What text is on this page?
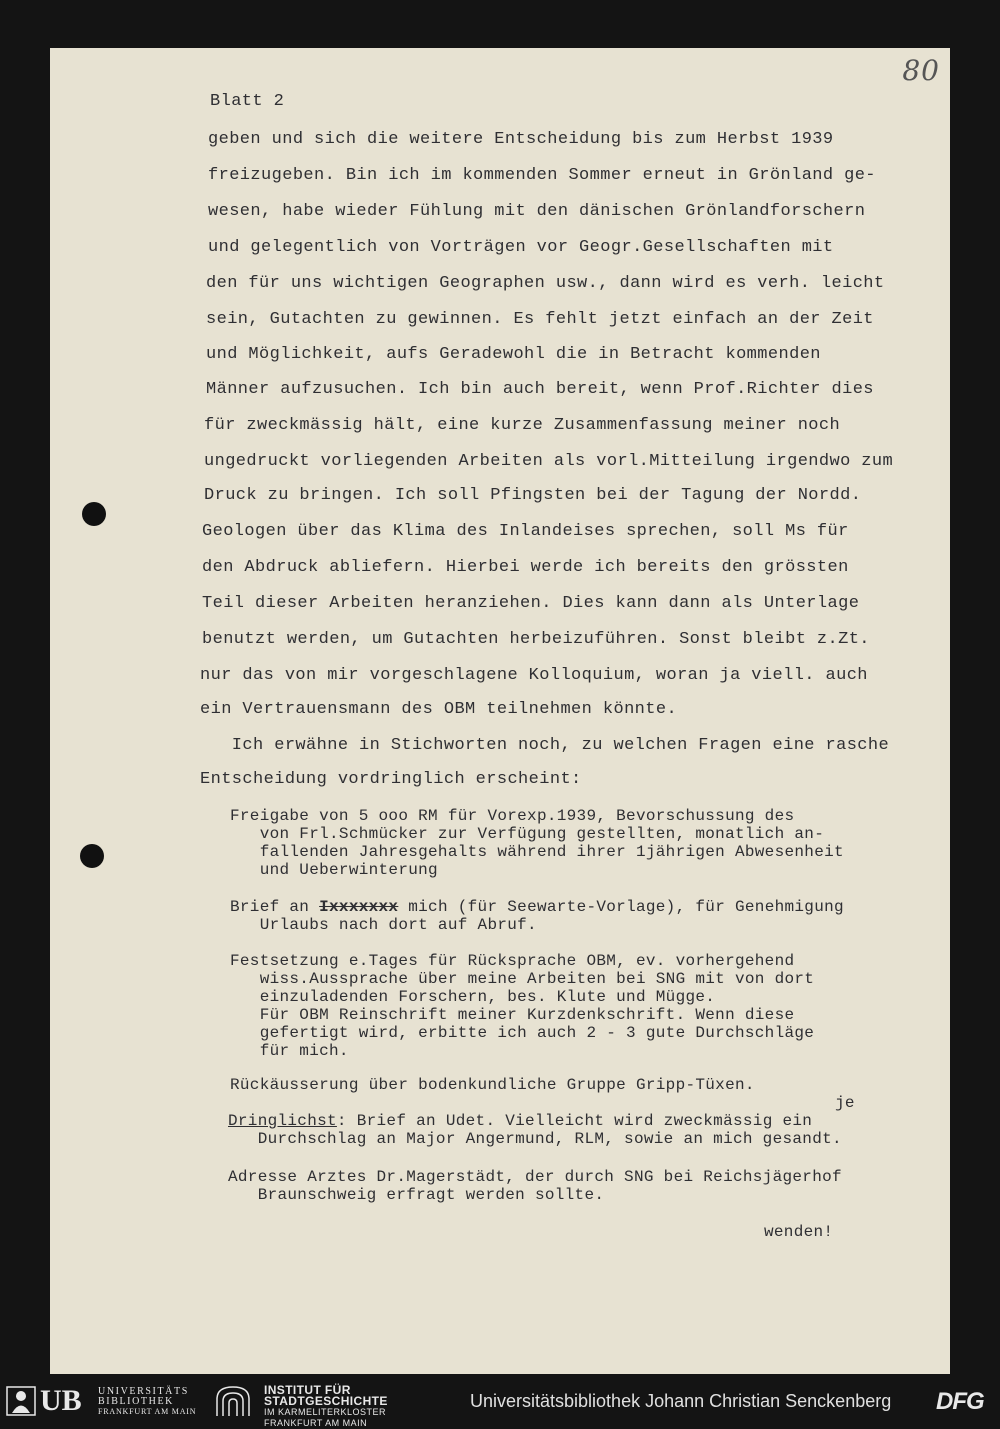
80
Blatt 2
geben und sich die weitere Entscheidung bis zum Herbst 1939
freizugeben. Bin ich im kommenden Sommer erneut in Grönland ge-
wesen, habe wieder Fühlung mit den dänischen Grönlandforschern
und gelegentlich von Vorträgen vor Geogr.Gesellschaften mit
den für uns wichtigen Geographen usw., dann wird es verh. leicht
sein, Gutachten zu gewinnen. Es fehlt jetzt einfach an der Zeit
und Möglichkeit, aufs Geradewohl die in Betracht kommenden
Männer aufzusuchen. Ich bin auch bereit, wenn Prof.Richter dies
für zweckmässig hält, eine kurze Zusammenfassung meiner noch
ungedruckt vorliegenden Arbeiten als vorl.Mitteilung irgendwo zum
Druck zu bringen. Ich soll Pfingsten bei der Tagung der Nordd.
Geologen über das Klima des Inlandeises sprechen, soll Ms für
den Abdruck abliefern. Hierbei werde ich bereits den grössten
Teil dieser Arbeiten heranziehen. Dies kann dann als Unterlage
benutzt werden, um Gutachten herbeizuführen. Sonst bleibt z.Zt.
nur das von mir vorgeschlagene Kolloquium, woran ja viell. auch
ein Vertrauensmann des OBM teilnehmen könnte.
Ich erwähne in Stichworten noch, zu welchen Fragen eine rasche
Entscheidung vordringlich erscheint:
Freigabe von 5 ooo RM für Vorexp.1939, Bevorschussung des
von Frl.Schmücker zur Verfügung gestellten, monatlich an-
fallenden Jahresgehalts während ihrer 1jährigen Abwesenheit
und Ueberwinterung
Brief an Ixxxxxxx mich (für Seewarte-Vorlage), für Genehmigung
Urlaubs nach dort auf Abruf.
Festsetzung e.Tages für Rücksprache OBM, ev. vorhergehend
wiss.Aussprache über meine Arbeiten bei SNG mit von dort
einzuladenden Forschern, bes. Klute und Mügge.
Für OBM Reinschrift meiner Kurzdenkschrift. Wenn diese
gefertigt wird, erbitte ich auch 2 - 3 gute Durchschläge
für mich.
Rückäusserung über bodenkundliche Gruppe Gripp-Tüxen.
je
Dringlichst: Brief an Udet. Vielleicht wird zweckmässig ein
Durchschlag an Major Angermund, RLM, sowie an mich gesandt.
Adresse Arztes Dr.Magerstädt, der durch SNG bei Reichsjägerhof
Braunschweig erfragt werden sollte.
wenden!
UB UNIVERSITÄTS
BIBLIOTHEK
FRANKFURT AM MAIN
INSTITUT FÜR
STADTGESCHICHTE
IM KARMELITERKLOSTER
FRANKFURT AM MAIN
Universitätsbibliothek Johann Christian Senckenberg DFG
